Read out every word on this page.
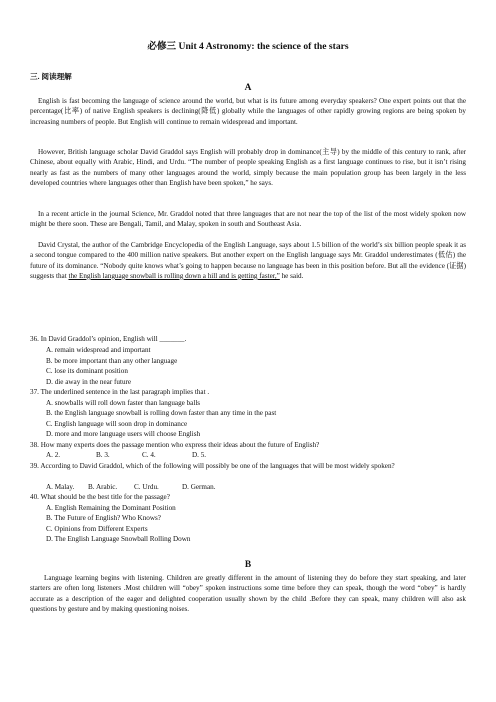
必修三 Unit 4 Astronomy: the science of the stars
三. 阅读理解
A
English is fast becoming the language of science around the world, but what is its future among everyday speakers? One expert points out that the percentage(比率) of native English speakers is declining(降低) globally while the languages of other rapidly growing regions are being spoken by increasing numbers of people. But English will continue to remain widespread and important.
However, British language scholar David Graddol says English will probably drop in dominance(主导) by the middle of this century to rank, after Chinese, about equally with Arabic, Hindi, and Urdu. “The number of people speaking English as a first language continues to rise, but it isn’t rising nearly as fast as the numbers of many other languages around the world, simply because the main population group has been largely in the less developed countries where languages other than English have been spoken,” he says.
In a recent article in the journal Science, Mr. Graddol noted that three languages that are not near the top of the list of the most widely spoken now might be there soon. These are Bengali, Tamil, and Malay, spoken in south and Southeast Asia.
David Crystal, the author of the Cambridge Encyclopedia of the English Language, says about 1.5 billion of the world’s six billion people speak it as a second tongue compared to the 400 million native speakers. But another expert on the English language says Mr. Graddol underestimates (低估) the future of its dominance. “Nobody quite knows what’s going to happen because no language has been in this position before. But all the evidence (证据) suggests that the English language snowball is rolling down a hill and is getting faster,” he said.
36. In David Graddol’s opinion, English will _______.
A. remain widespread and important
B. be more important than any other language
C. lose its dominant position
D. die away in the near future
37. The underlined sentence in the last paragraph implies that .
A. snowballs will roll down faster than language balls
B. the English language snowball is rolling down faster than any time in the past
C. English language will soon drop in dominance
D. more and more language users will choose English
38. How many experts does the passage mention who express their ideas about the future of English?
A. 2.	B. 3.	C. 4.	D. 5.
39. According to David Graddol, which of the following will possibly be one of the languages that will be most widely spoken?
A. Malay. B. Arabic. C. Urdu.	D. German.
40. What should be the best title for the passage?
A. English Remaining the Dominant Position
B. The Future of English? Who Knows?
C. Opinions from Different Experts
D. The English Language Snowball Rolling Down
B
Language learning begins with listening. Children are greatly different in the amount of listening they do before they start speaking, and later starters are often long listeners .Most children will “obey” spoken instructions some time before they can speak, though the word “obey” is hardly accurate as a description of the eager and delighted cooperation usually shown by the child .Before they can speak, many children will also ask questions by gesture and by making questioning noises.
